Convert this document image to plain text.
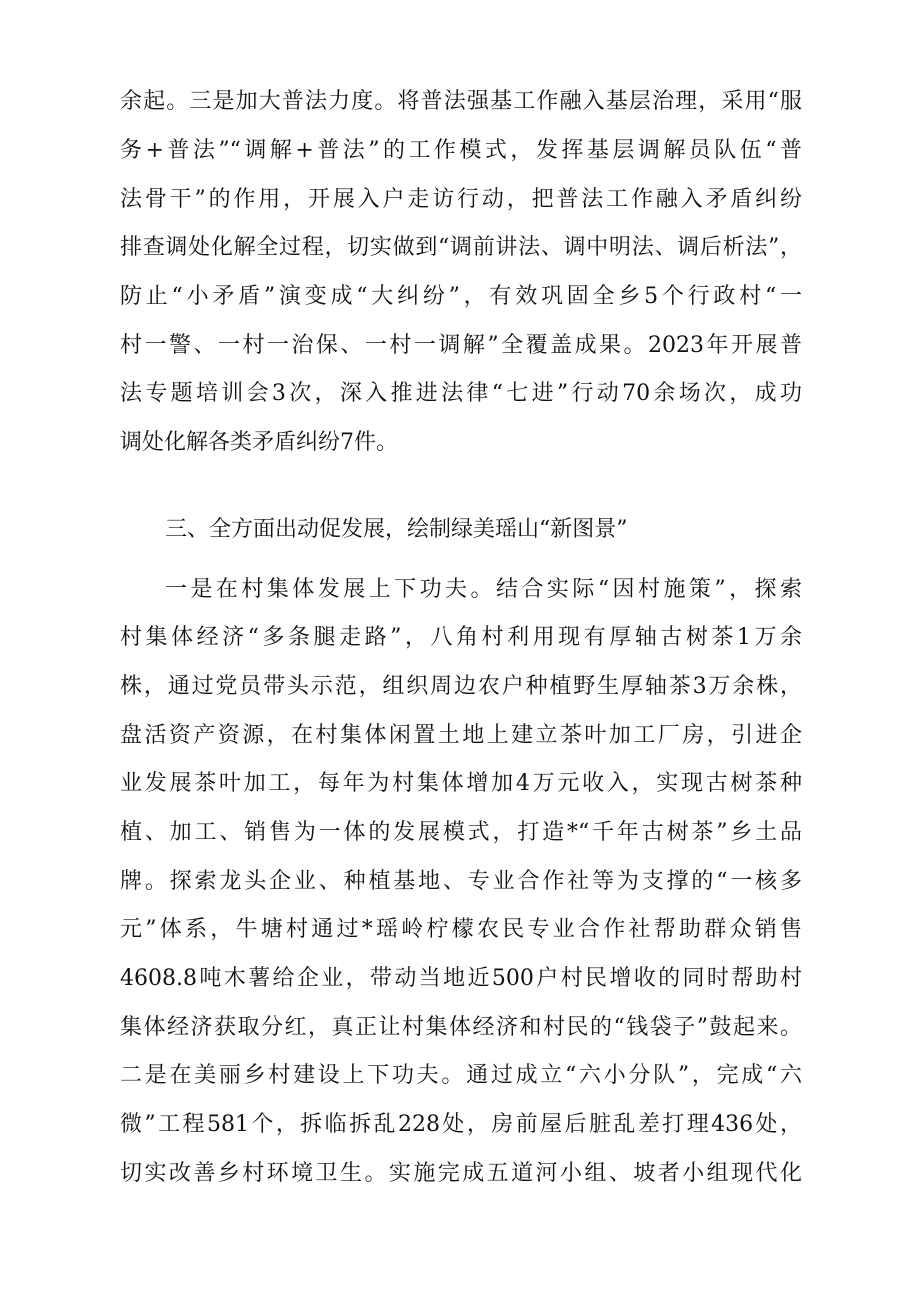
余起。三是加大普法力度。将普法强基工作融入基层治理，采用“服
务+普法”“调解+普法”的工作模式，发挥基层调解员队伍“普
法骨干”的作用，开展入户走访行动，把普法工作融入矛盾纠纷
排查调处化解全过程，切实做到“调前讲法、调中明法、调后析法”，
防止“小矛盾”演变成“大纠纷”，有效巩固全乡5个行政村“一
村一警、一村一治保、一村一调解”全覆盖成果。2023年开展普
法专题培训会3次，深入推进法律“七进”行动70余场次，成功
调处化解各类矛盾纠纷7件。
三、全方面出动促发展，绘制绿美瑶山“新图景”
一是在村集体发展上下功夫。结合实际“因村施策”，探索
村集体经济“多条腿走路”，八角村利用现有厚轴古树茶1万余
株，通过党员带头示范，组织周边农户种植野生厚轴茶3万余株，
盘活资产资源，在村集体闲置土地上建立茶叶加工厂房，引进企
业发展茶叶加工，每年为村集体增加4万元收入，实现古树茶种
植、加工、销售为一体的发展模式，打造*“千年古树茶”乡土品
牌。探索龙头企业、种植基地、专业合作社等为支撑的“一核多
元”体系，牛塘村通过*瑶岭柠檬农民专业合作社帮助群众销售
4608.8吨木薯给企业，带动当地近500户村民增收的同时帮助村
集体经济获取分红，真正让村集体经济和村民的“钱袋子”鼓起来。
二是在美丽乡村建设上下功夫。通过成立“六小分队”，完成“六
微”工程581个，拆临拆乱228处，房前屋后脏乱差打理436处，
切实改善乡村环境卫生。实施完成五道河小组、坡者小组现代化
